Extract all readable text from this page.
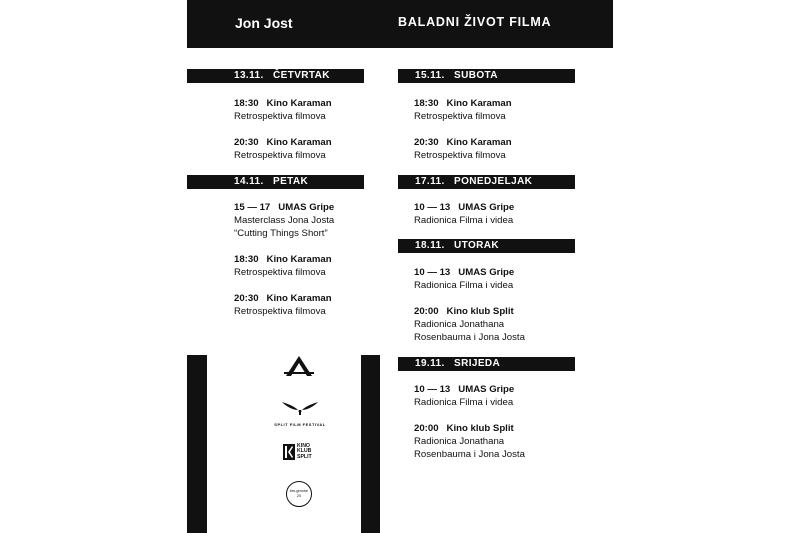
Jon Jost	BALADNI ŽIVOT FILMA
13.11. ČETVRTAK
18:30 Kino Karaman
Retrospektiva filmova
20:30 Kino Karaman
Retrospektiva filmova
14.11. PETAK
15 — 17 UMAS Gripe
Masterclass Jona Josta
“Cutting Things Short”
18:30 Kino Karaman
Retrospektiva filmova
20:30 Kino Karaman
Retrospektiva filmova
15.11. SUBOTA
18:30 Kino Karaman
Retrospektiva filmova
20:30 Kino Karaman
Retrospektiva filmova
17.11. PONEDJELJAK
10 — 13 UMAS Gripe
Radionica Filma i videa
18.11. UTORAK
10 — 13 UMAS Gripe
Radionica Filma i videa
20:00 Kino klub Split
Radionica Jonathana
Rosenbauma i Jona Josta
19.11. SRIJEDA
10 — 13 UMAS Gripe
Radionica Filma i videa
20:00 Kino klub Split
Radionica Jonathana
Rosenbauma i Jona Josta
SPLIT FILM FESTIVAL
KINO
KLUB
SPLIT
tim-gmohe
20
